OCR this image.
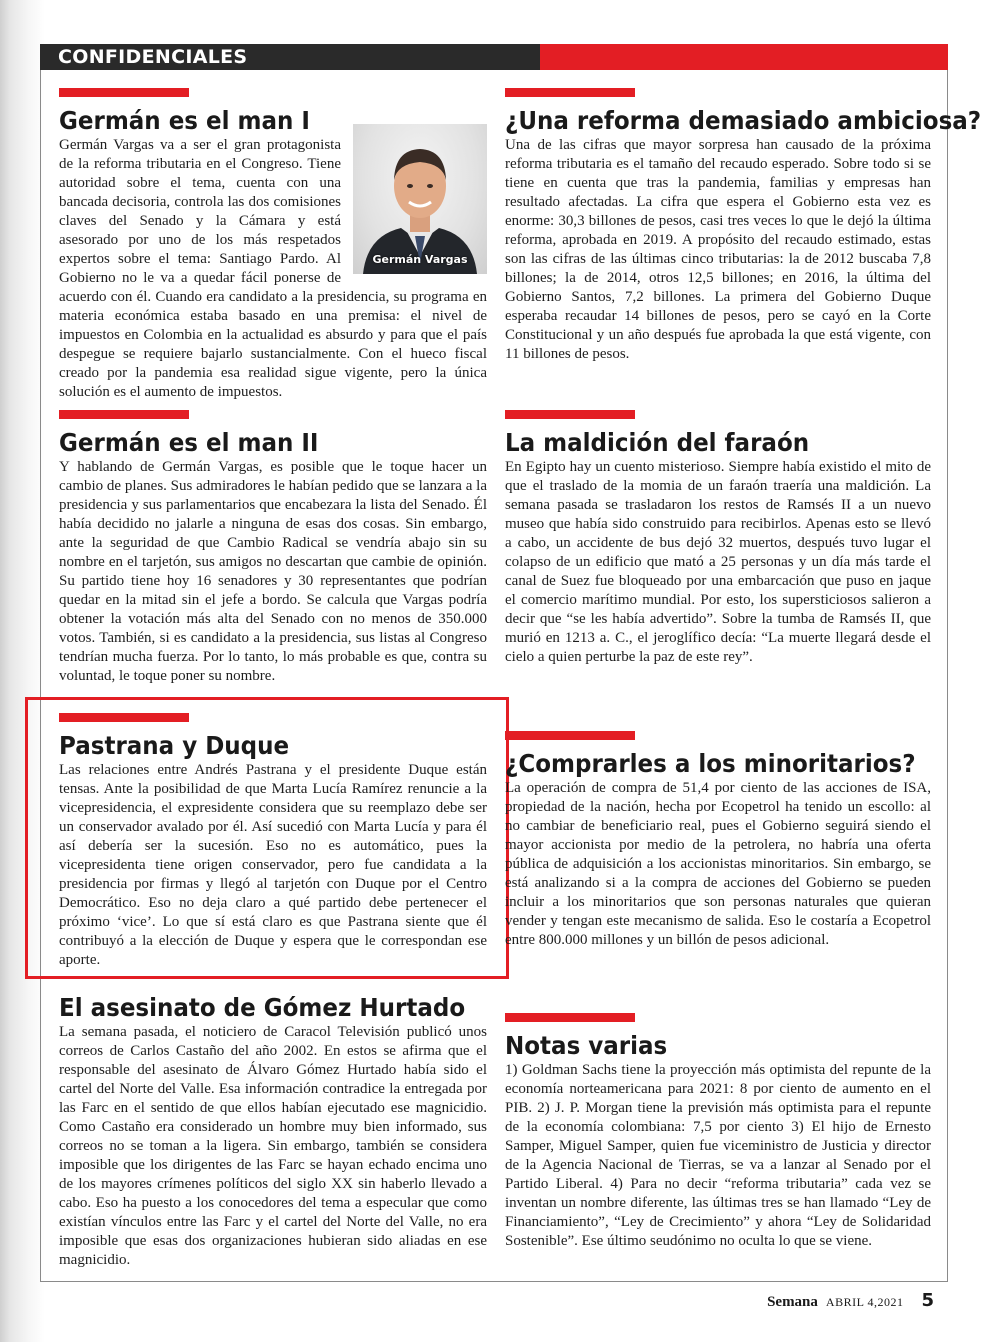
CONFIDENCIALES
Germán es el man I
Germán Vargas

Germán Vargas va a ser el gran protagonista de la reforma tributaria en el Congreso. Tiene autoridad sobre el tema, cuenta con una bancada decisoria, controla las dos comisiones claves del Senado y la Cámara y está asesorado por uno de los más respetados expertos sobre el tema: Santiago Pardo. Al Gobierno no le va a quedar fácil ponerse de acuerdo con él. Cuando era candidato a la presidencia, su programa en materia económica estaba basado en una premisa: el nivel de impuestos en Colombia en la actualidad es absurdo y para que el país despegue se requiere bajarlo sustancialmente. Con el hueco fiscal creado por la pandemia esa realidad sigue vigente, pero la única solución es el aumento de impuestos.

¿Una reforma demasiado ambiciosa?

Una de las cifras que mayor sorpresa han causado de la próxima reforma tributaria es el tamaño del recaudo esperado. Sobre todo si se tiene en cuenta que tras la pandemia, familias y empresas han resultado afectadas. La cifra que espera el Gobierno esta vez es enorme: 30,3 billones de pesos, casi tres veces lo que le dejó la última reforma, aprobada en 2019. A propósito del recaudo estimado, estas son las cifras de las últimas cinco tributarias: la de 2012 buscaba 7,8 billones; la de 2014, otros 12,5 billones; en 2016, la última del Gobierno Santos, 7,2 billones. La primera del Gobierno Duque esperaba recaudar 14 billones de pesos, pero se cayó en la Corte Constitucional y un año después fue aprobada la que está vigente, con 11 billones de pesos.

Germán es el man II

Y hablando de Germán Vargas, es posible que le toque hacer un cambio de planes. Sus admiradores le habían pedido que se lanzara a la presidencia y sus parlamentarios que encabezara la lista del Senado. Él había decidido no jalarle a ninguna de esas dos cosas. Sin embargo, ante la seguridad de que Cambio Radical se vendría abajo sin su nombre en el tarjetón, sus amigos no descartan que cambie de opinión. Su partido tiene hoy 16 senadores y 30 representantes que podrían quedar en la mitad sin el jefe a bordo. Se calcula que Vargas podría obtener la votación más alta del Senado con no menos de 350.000 votos. También, si es candidato a la presidencia, sus listas al Congreso tendrían mucha fuerza. Por lo tanto, lo más probable es que, contra su voluntad, le toque poner su nombre.

La maldición del faraón

En Egipto hay un cuento misterioso. Siempre había existido el mito de que el traslado de la momia de un faraón traería una maldición. La semana pasada se trasladaron los restos de Ramsés II a un nuevo museo que había sido construido para recibirlos. Apenas esto se llevó a cabo, un accidente de bus dejó 32 muertos, después tuvo lugar el colapso de un edificio que mató a 25 personas y un día más tarde el canal de Suez fue bloqueado por una embarcación que puso en jaque el comercio marítimo mundial. Por esto, los supersticiosos salieron a decir que “se les había advertido”. Sobre la tumba de Ramsés II, que murió en 1213 a. C., el jeroglífico decía: “La muerte llegará desde el cielo a quien perturbe la paz de este rey”.

Pastrana y Duque

Las relaciones entre Andrés Pastrana y el presidente Duque están tensas. Ante la posibilidad de que Marta Lucía Ramírez renuncie a la vicepresidencia, el expresidente considera que su reemplazo debe ser un conservador avalado por él. Así sucedió con Marta Lucía y para él así debería ser la sucesión. Eso no es automático, pues la vicepresidenta tiene origen conservador, pero fue candidata a la presidencia por firmas y llegó al tarjetón con Duque por el Centro Democrático. Eso no deja claro a qué partido debe pertenecer el próximo ‘vice’. Lo que sí está claro es que Pastrana siente que él contribuyó a la elección de Duque y espera que le correspondan ese aporte.

¿Comprarles a los minoritarios?

La operación de compra de 51,4 por ciento de las acciones de ISA, propiedad de la nación, hecha por Ecopetrol ha tenido un escollo: al no cambiar de beneficiario real, pues el Gobierno seguirá siendo el mayor accionista por medio de la petrolera, no habría una oferta pública de adquisición a los accionistas minoritarios. Sin embargo, se está analizando si a la compra de acciones del Gobierno se pueden incluir a los minoritarios que son personas naturales que quieran vender y tengan este mecanismo de salida. Eso le costaría a Ecopetrol entre 800.000 millones y un billón de pesos adicional.

El asesinato de Gómez Hurtado

La semana pasada, el noticiero de Caracol Televisión publicó unos correos de Carlos Castaño del año 2002. En estos se afirma que el responsable del asesinato de Álvaro Gómez Hurtado había sido el cartel del Norte del Valle. Esa información contradice la entregada por las Farc en el sentido de que ellos habían ejecutado ese magnicidio. Como Castaño era considerado un hombre muy bien informado, sus correos no se toman a la ligera. Sin embargo, también se considera imposible que los dirigentes de las Farc se hayan echado encima uno de los mayores crímenes políticos del siglo XX sin haberlo llevado a cabo. Eso ha puesto a los conocedores del tema a especular que como existían vínculos entre las Farc y el cartel del Norte del Valle, no era imposible que esas dos organizaciones hubieran sido aliadas en ese magnicidio.

Notas varias

1) Goldman Sachs tiene la proyección más optimista del repunte de la economía norteamericana para 2021: 8 por ciento de aumento en el PIB. 2) J. P. Morgan tiene la previsión más optimista para el repunte de la economía colombiana: 7,5 por ciento 3) El hijo de Ernesto Samper, Miguel Samper, quien fue viceministro de Justicia y director de la Agencia Nacional de Tierras, se va a lanzar al Senado por el Partido Liberal. 4) Para no decir “reforma tributaria” cada vez se inventan un nombre diferente, las últimas tres se han llamado “Ley de Financiamiento”, “Ley de Crecimiento” y ahora “Ley de Solidaridad Sostenible”. Ese último seudónimo no oculta lo que se viene.

Semana ABRIL 4,2021 5
